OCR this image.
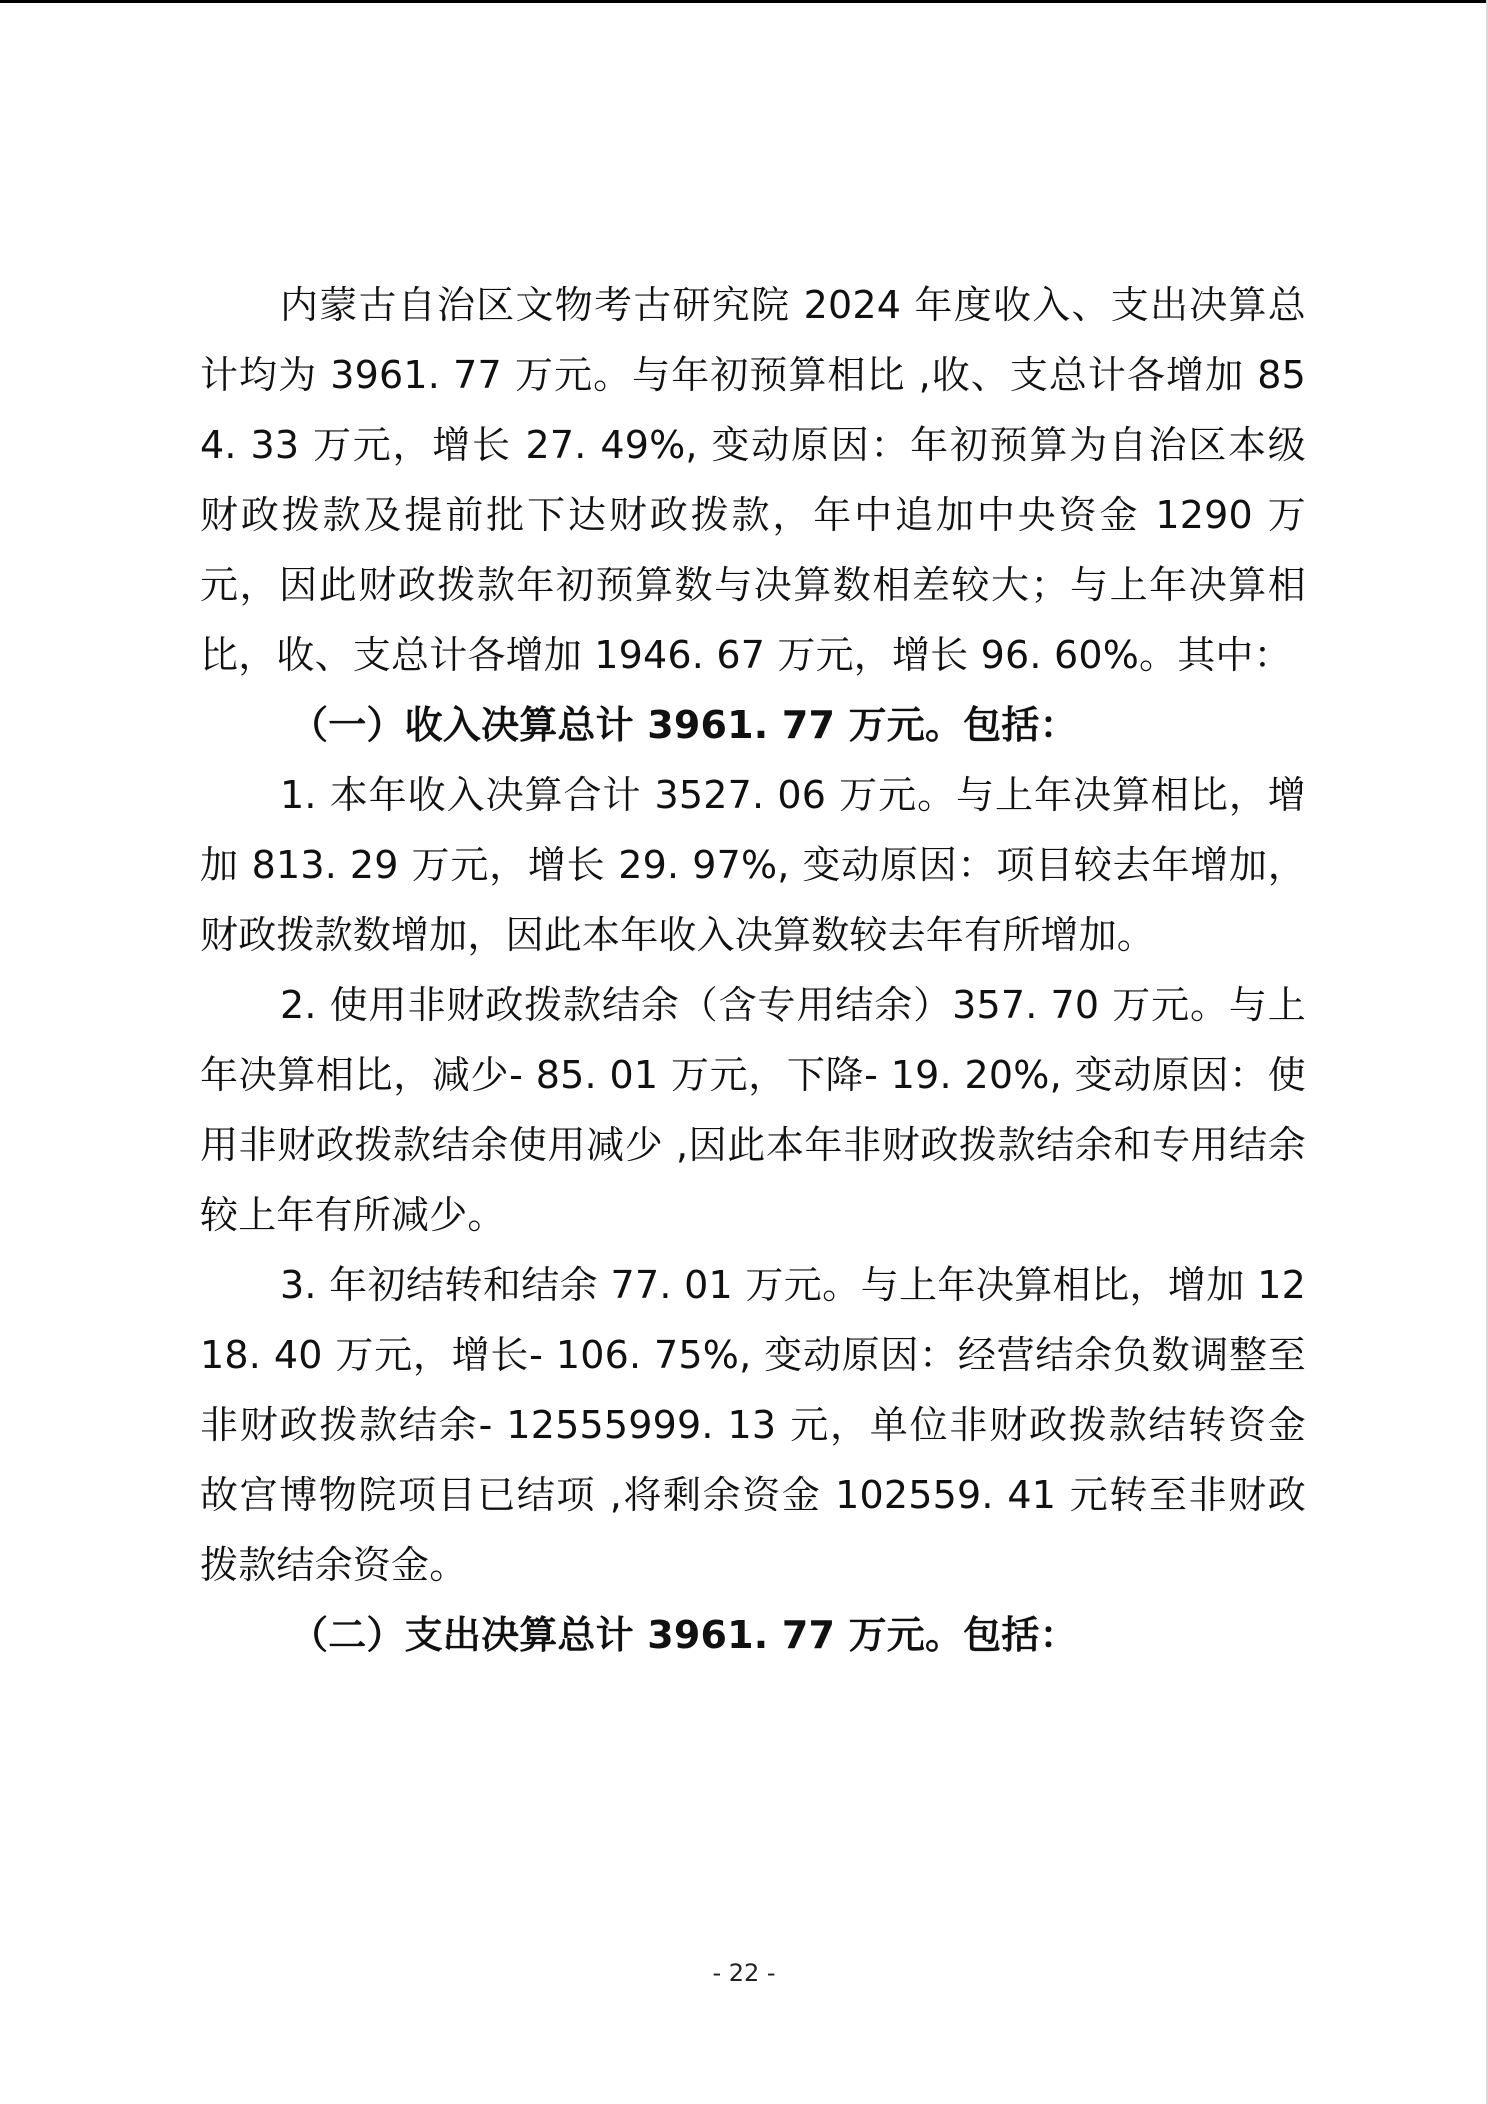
内蒙古自治区文物考古研究院 2024 年度收入、支出决算总计均为 3961. 77 万元。与年初预算相比 ,收、支总计各增加 854. 33 万元，增长 27. 49%, 变动原因：年初预算为自治区本级财政拨款及提前批下达财政拨款，年中追加中央资金 1290 万元，因此财政拨款年初预算数与决算数相差较大；与上年决算相比，收、支总计各增加 1946. 67 万元，增长 96. 60%。其中：

（一）收入决算总计 3961. 77 万元。包括：

1. 本年收入决算合计 3527. 06 万元。与上年决算相比，增加 813. 29 万元，增长 29. 97%, 变动原因：项目较去年增加，财政拨款数增加，因此本年收入决算数较去年有所增加。

2. 使用非财政拨款结余（含专用结余）357. 70 万元。与上年决算相比，减少- 85. 01 万元，下降- 19. 20%, 变动原因：使用非财政拨款结余使用减少 ,因此本年非财政拨款结余和专用结余较上年有所减少。

3. 年初结转和结余 77. 01 万元。与上年决算相比，增加 1218. 40 万元，增长- 106. 75%, 变动原因：经营结余负数调整至非财政拨款结余- 12555999. 13 元，单位非财政拨款结转资金故宫博物院项目已结项 ,将剩余资金 102559. 41 元转至非财政拨款结余资金。

（二）支出决算总计 3961. 77 万元。包括：

- 22 -
